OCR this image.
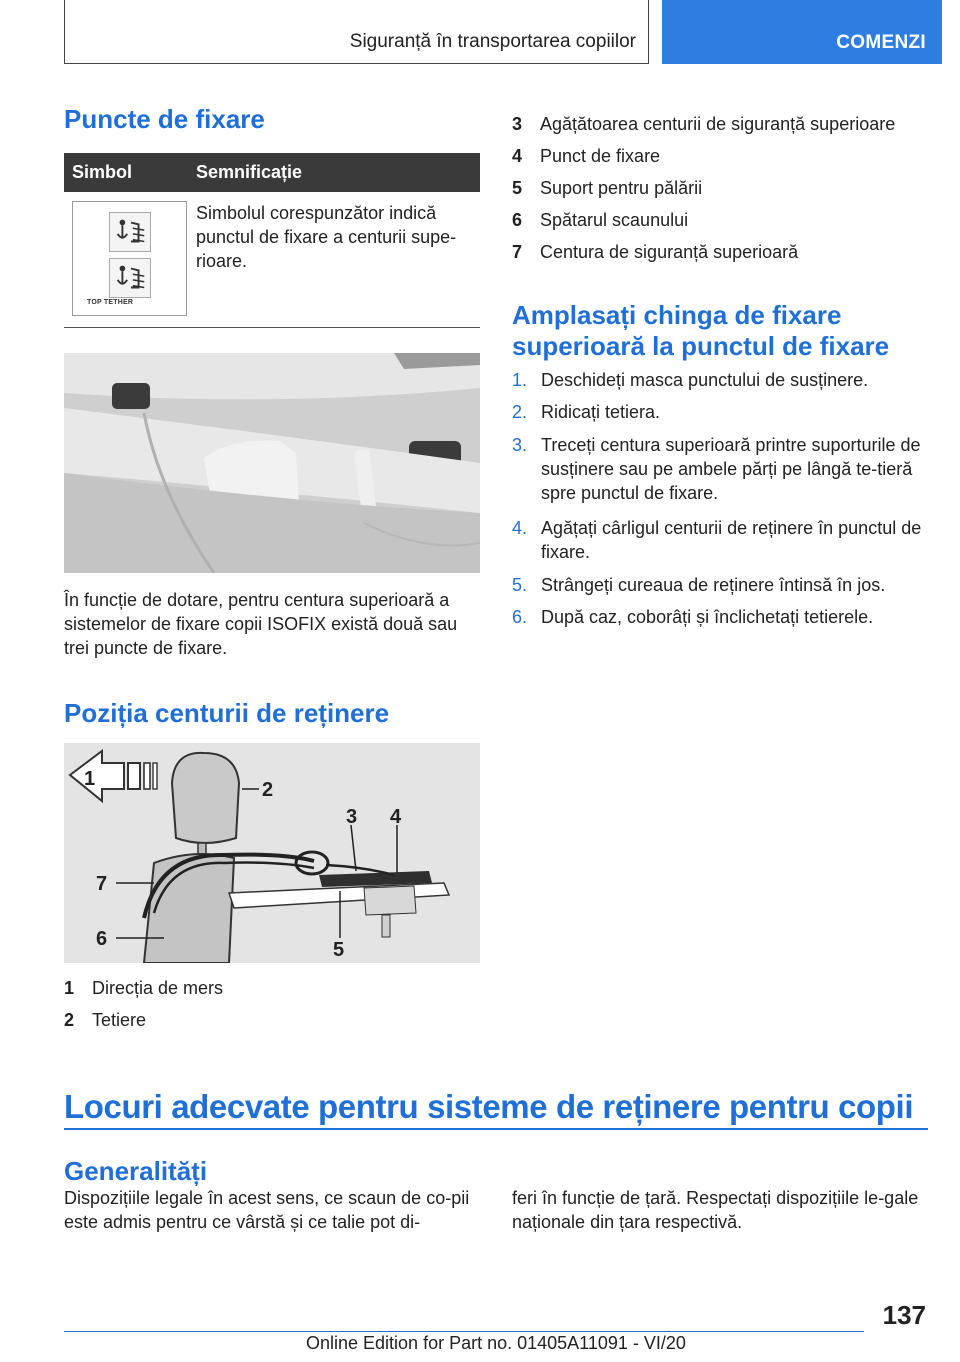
Siguranță în transportarea copiilor	COMENZI
Puncte de fixare
Simbol	Semnificație
TOP TETHER
Simbolul corespunzător indică punctul de fixare a centurii supe-rioare.

În funcție de dotare, pentru centura superioară a sistemelor de fixare copii ISOFIX există două sau trei puncte de fixare.

Poziția centurii de reținere
1	2
3 4
5
6
7
1 Direcția de mers
2 Tetiere
3 Agățătoarea centurii de siguranță superioare
4 Punct de fixare
5 Suport pentru pălării
6 Spătarul scaunului
7 Centura de siguranță superioară
Amplasați chinga de fixare
superioară la punctul de fixare
1. Deschideți masca punctului de susținere.
2. Ridicați tetiera.
3. Treceți centura superioară printre suporturile de susținere sau pe ambele părți pe lângă te-tieră spre punctul de fixare.
4. Agățați cârligul centurii de reținere în punctul de fixare.
5. Strângeți cureaua de reținere întinsă în jos.
6. După caz, coborâți și înclichetați tetierele.
Locuri adecvate pentru sisteme de reținere pentru copii
Generalități

Dispozițiile legale în acest sens, ce scaun de co-pii este admis pentru ce vârstă și ce talie pot di-

feri în funcție de țară. Respectați dispozițiile le-gale naționale din țara respectivă.

137
Online Edition for Part no. 01405A11091 - VI/20
